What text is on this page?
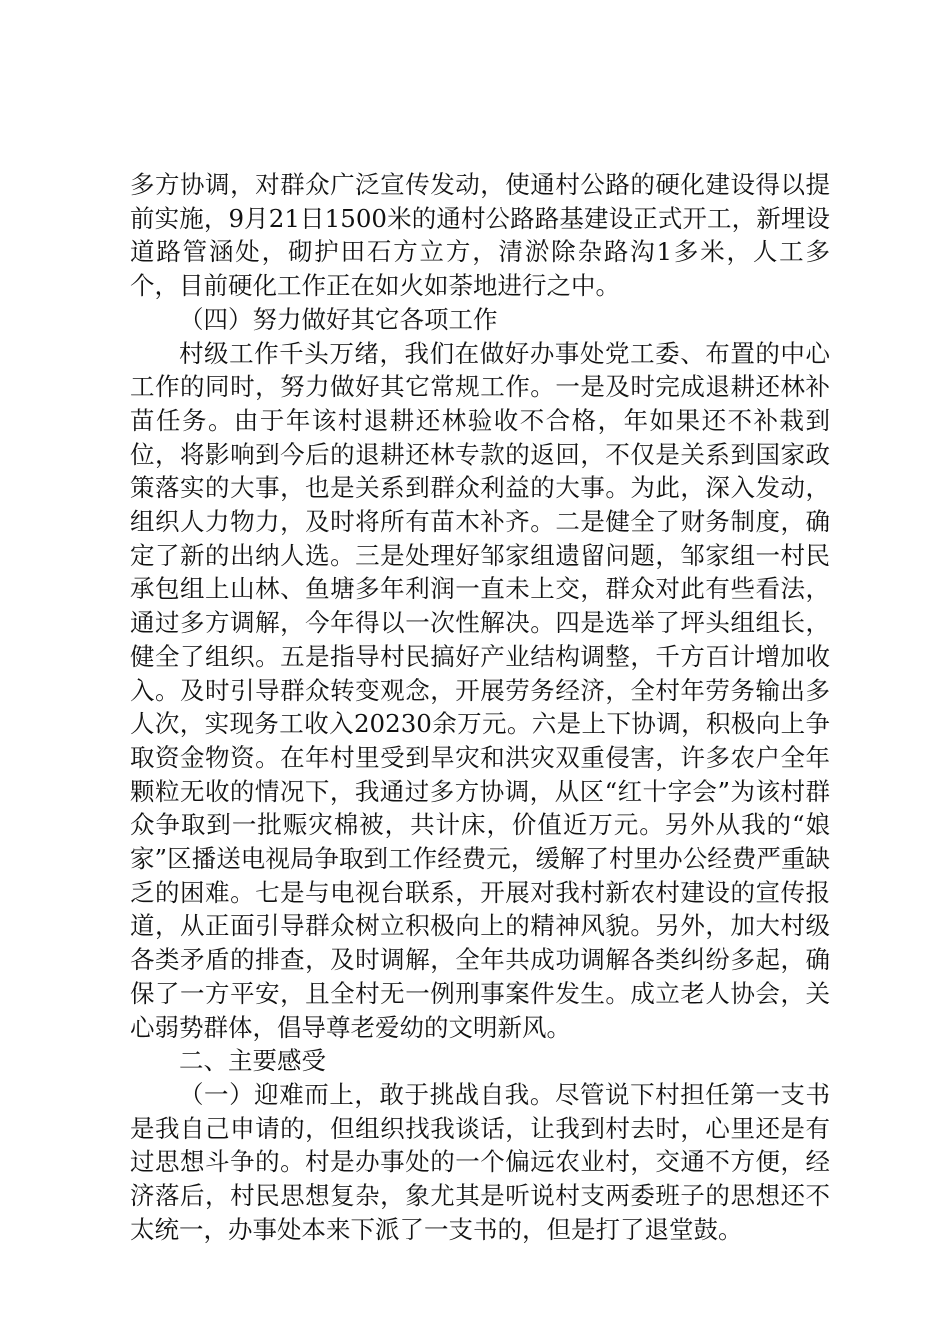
多方协调，对群众广泛宣传发动，使通村公路的硬化建设得以提前实施，9月21日1500米的通村公路路基建设正式开工，新埋设道路管涵处，砌护田石方立方，清淤除杂路沟1多米，人工多个，目前硬化工作正在如火如荼地进行之中。

（四）努力做好其它各项工作

村级工作千头万绪，我们在做好办事处党工委、布置的中心工作的同时，努力做好其它常规工作。一是及时完成退耕还林补苗任务。由于年该村退耕还林验收不合格，年如果还不补栽到位，将影响到今后的退耕还林专款的返回，不仅是关系到国家政策落实的大事，也是关系到群众利益的大事。为此，深入发动，组织人力物力，及时将所有苗木补齐。二是健全了财务制度，确定了新的出纳人选。三是处理好邹家组遗留问题，邹家组一村民承包组上山林、鱼塘多年利润一直未上交，群众对此有些看法，通过多方调解，今年得以一次性解决。四是选举了坪头组组长，健全了组织。五是指导村民搞好产业结构调整，千方百计增加收入。及时引导群众转变观念，开展劳务经济，全村年劳务输出多人次，实现务工收入20230余万元。六是上下协调，积极向上争取资金物资。在年村里受到旱灾和洪灾双重侵害，许多农户全年颗粒无收的情况下，我通过多方协调，从区“红十字会”为该村群众争取到一批赈灾棉被，共计床，价值近万元。另外从我的“娘家”区播送电视局争取到工作经费元，缓解了村里办公经费严重缺乏的困难。七是与电视台联系，开展对我村新农村建设的宣传报道，从正面引导群众树立积极向上的精神风貌。另外，加大村级各类矛盾的排查，及时调解，全年共成功调解各类纠纷多起，确保了一方平安，且全村无一例刑事案件发生。成立老人协会，关心弱势群体，倡导尊老爱幼的文明新风。

二、主要感受

（一）迎难而上，敢于挑战自我。尽管说下村担任第一支书是我自己申请的，但组织找我谈话，让我到村去时，心里还是有过思想斗争的。村是办事处的一个偏远农业村，交通不方便，经济落后，村民思想复杂，象尤其是听说村支两委班子的思想还不太统一，办事处本来下派了一支书的，但是打了退堂鼓。
